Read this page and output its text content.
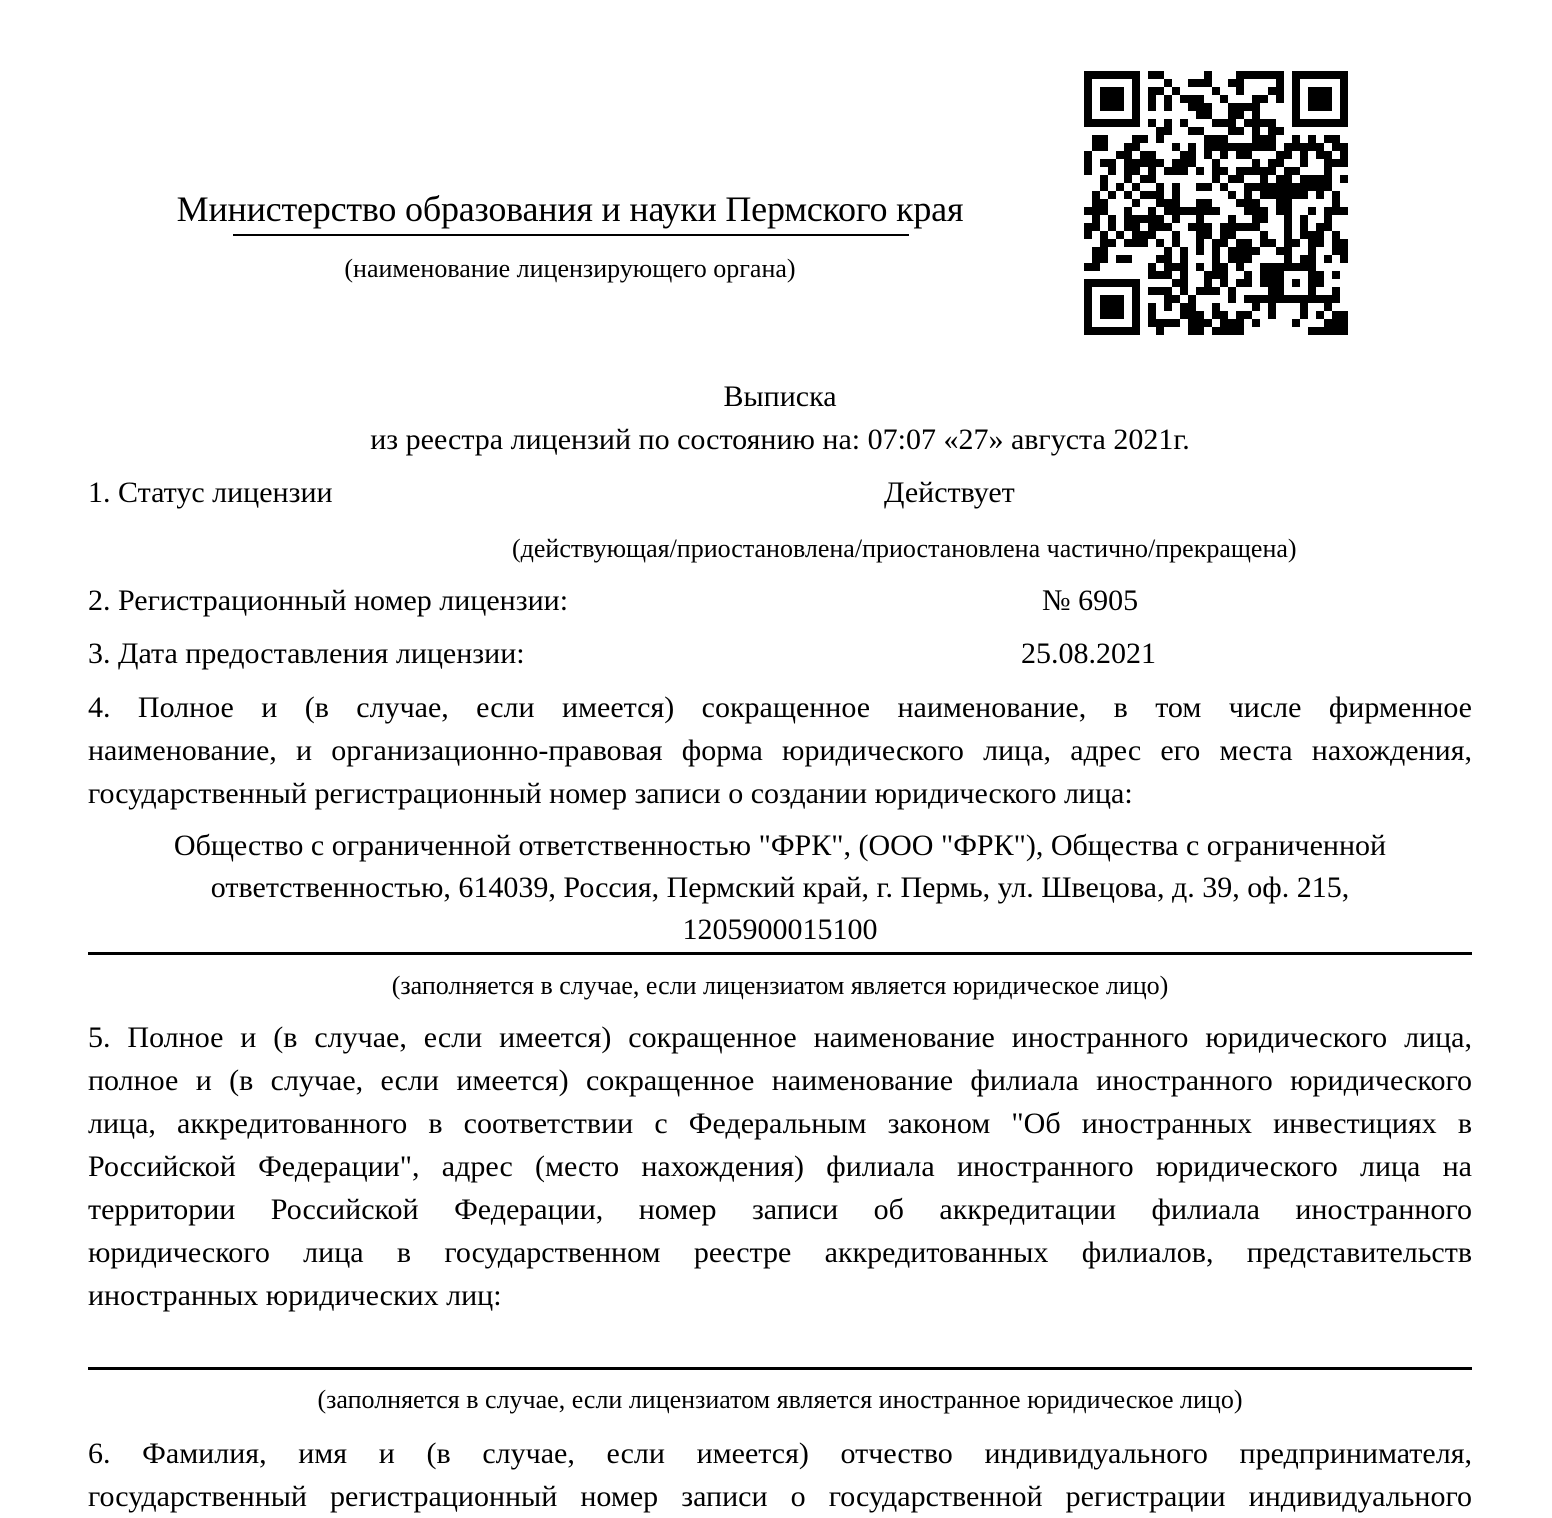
Министерство образования и науки Пермского края
(наименование лицензирующего органа)
Выписка
из реестра лицензий по состоянию на: 07:07 «27» августа 2021г.
1. Статус лицензии	Действует
(действующая/приостановлена/приостановлена частично/прекращена)
2. Регистрационный номер лицензии:	№ 6905
3. Дата предоставления лицензии:	25.08.2021
4. Полное и (в случае, если имеется) сокращенное наименование, в том числе фирменное
наименование, и организационно-правовая форма юридического лица, адрес его места нахождения,
государственный регистрационный номер записи о создании юридического лица:
Общество с ограниченной ответственностью "ФРК", (ООО "ФРК"), Общества с ограниченной
ответственностью, 614039, Россия, Пермский край, г. Пермь, ул. Швецова, д. 39, оф. 215,
1205900015100
(заполняется в случае, если лицензиатом является юридическое лицо)
5. Полное и (в случае, если имеется) сокращенное наименование иностранного юридического лица,
полное и (в случае, если имеется) сокращенное наименование филиала иностранного юридического
лица, аккредитованного в соответствии с Федеральным законом "Об иностранных инвестициях в
Российской Федерации", адрес (место нахождения) филиала иностранного юридического лица на
территории Российской Федерации, номер записи об аккредитации филиала иностранного
юридического лица в государственном реестре аккредитованных филиалов, представительств
иностранных юридических лиц:
(заполняется в случае, если лицензиатом является иностранное юридическое лицо)
6. Фамилия, имя и (в случае, если имеется) отчество индивидуального предпринимателя,
государственный регистрационный номер записи о государственной регистрации индивидуального
